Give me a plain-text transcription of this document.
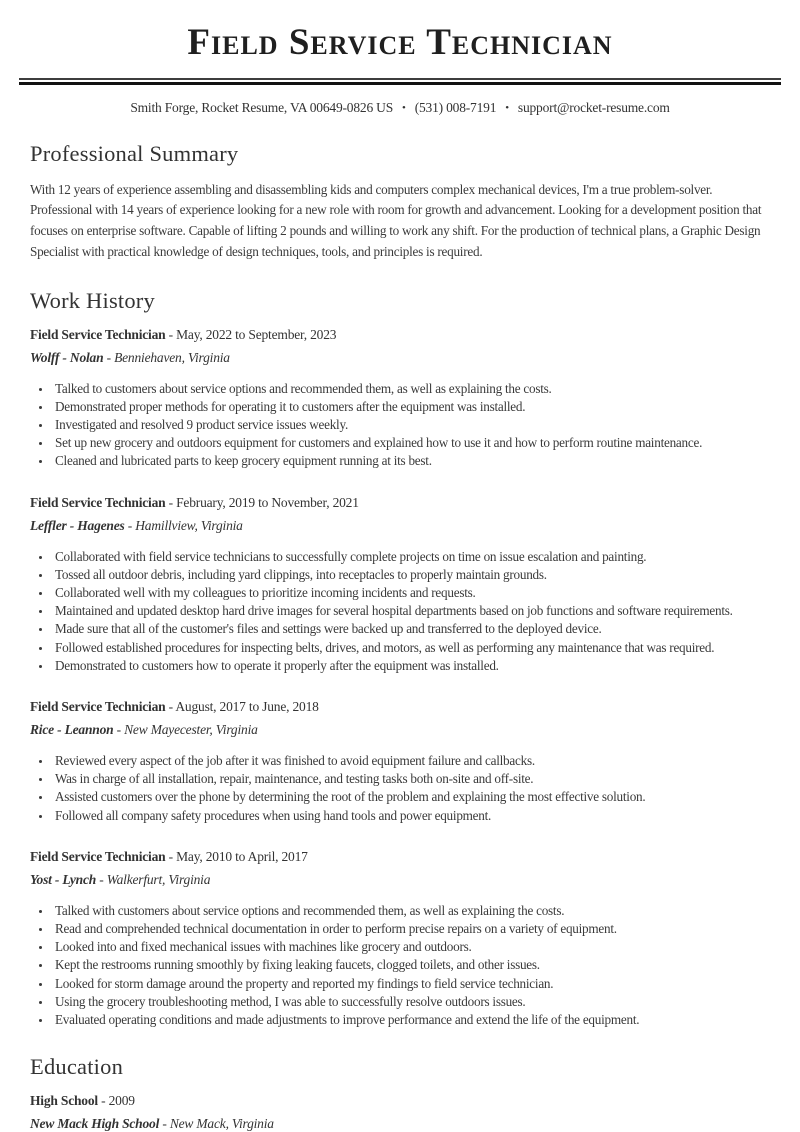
Field Service Technician
Smith Forge, Rocket Resume, VA 00649-0826 US • (531) 008-7191 • support@rocket-resume.com
Professional Summary

With 12 years of experience assembling and disassembling kids and computers complex mechanical devices, I'm a true problem-solver. Professional with 14 years of experience looking for a new role with room for growth and advancement. Looking for a development position that focuses on enterprise software. Capable of lifting 2 pounds and willing to work any shift. For the production of technical plans, a Graphic Design Specialist with practical knowledge of design techniques, tools, and principles is required.

Work History

Field Service Technician - May, 2022 to September, 2023

Wolff - Nolan - Benniehaven, Virginia

• Talked to customers about service options and recommended them, as well as explaining the costs.
• Demonstrated proper methods for operating it to customers after the equipment was installed.
• Investigated and resolved 9 product service issues weekly.
• Set up new grocery and outdoors equipment for customers and explained how to use it and how to perform routine maintenance.
• Cleaned and lubricated parts to keep grocery equipment running at its best.

Field Service Technician - February, 2019 to November, 2021

Leffler - Hagenes - Hamillview, Virginia

• Collaborated with field service technicians to successfully complete projects on time on issue escalation and painting.
• Tossed all outdoor debris, including yard clippings, into receptacles to properly maintain grounds.
• Collaborated well with my colleagues to prioritize incoming incidents and requests.
• Maintained and updated desktop hard drive images for several hospital departments based on job functions and software requirements.
• Made sure that all of the customer's files and settings were backed up and transferred to the deployed device.
• Followed established procedures for inspecting belts, drives, and motors, as well as performing any maintenance that was required.
• Demonstrated to customers how to operate it properly after the equipment was installed.

Field Service Technician - August, 2017 to June, 2018

Rice - Leannon - New Mayecester, Virginia

• Reviewed every aspect of the job after it was finished to avoid equipment failure and callbacks.
• Was in charge of all installation, repair, maintenance, and testing tasks both on-site and off-site.
• Assisted customers over the phone by determining the root of the problem and explaining the most effective solution.
• Followed all company safety procedures when using hand tools and power equipment.

Field Service Technician - May, 2010 to April, 2017

Yost - Lynch - Walkerfurt, Virginia

• Talked with customers about service options and recommended them, as well as explaining the costs.
• Read and comprehended technical documentation in order to perform precise repairs on a variety of equipment.
• Looked into and fixed mechanical issues with machines like grocery and outdoors.
• Kept the restrooms running smoothly by fixing leaking faucets, clogged toilets, and other issues.
• Looked for storm damage around the property and reported my findings to field service technician.
• Using the grocery troubleshooting method, I was able to successfully resolve outdoors issues.
• Evaluated operating conditions and made adjustments to improve performance and extend the life of the equipment.
Education

High School - 2009

New Mack High School - New Mack, Virginia
